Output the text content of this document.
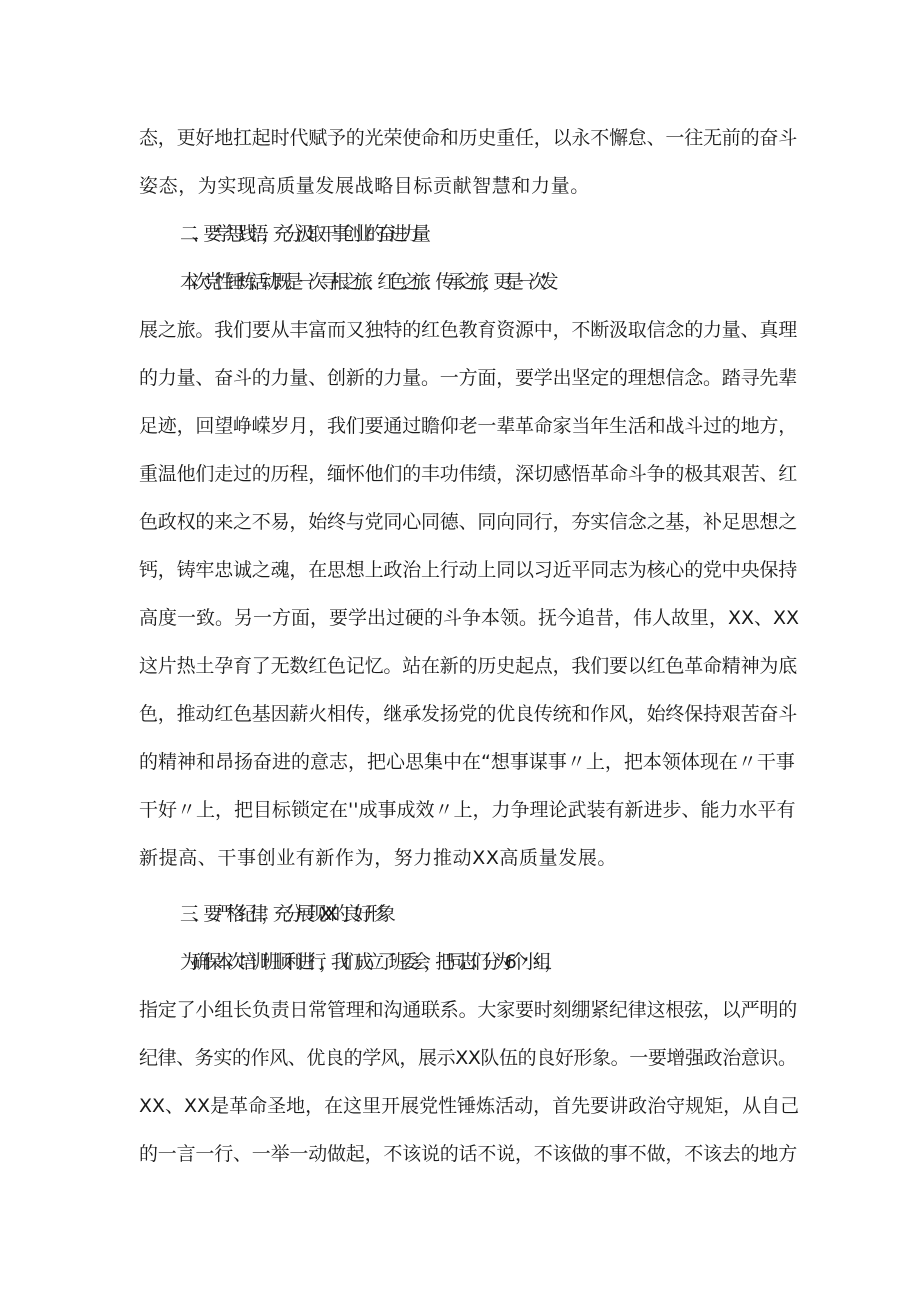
态，更好地扛起时代赋予的光荣使命和历史重任，以永不懈怠、一往无前的奋斗
姿态，为实现高质量发展战略目标贡献智慧和力量。
二、要学思践悟，充分汲取干事创业的奋进力量
本次党性锤炼活动既是一次寻根之旅、红色之旅、传承之旅，更是一次发
展之旅。我们要从丰富而又独特的红色教育资源中，不断汲取信念的力量、真理
的力量、奋斗的力量、创新的力量。一方面，要学出坚定的理想信念。踏寻先辈
足迹，回望峥嵘岁月，我们要通过瞻仰老一辈革命家当年生活和战斗过的地方，
重温他们走过的历程，缅怀他们的丰功伟绩，深切感悟革命斗争的极其艰苦、红
色政权的来之不易，始终与党同心同德、同向同行，夯实信念之基，补足思想之
钙，铸牢忠诚之魂，在思想上政治上行动上同以习近平同志为核心的党中央保持
高度一致。另一方面，要学出过硬的斗争本领。抚今追昔，伟人故里，XX、XX
这片热土孕育了无数红色记忆。站在新的历史起点，我们要以红色革命精神为底
色，推动红色基因薪火相传，继承发扬党的优良传统和作风，始终保持艰苦奋斗
的精神和昂扬奋进的意志，把心思集中在“想事谋事〃上，把本领体现在〃干事
干好〃上，把目标锁定在''成事成效〃上，力争理论武装有新进步、能力水平有
新提高、干事创业有新作为，努力推动XX高质量发展。
三、要严格纪律，充分展现XX的良好形象
为确保本次培训班顺利进行，我们成立了班委会，把同志们分为6个小组，
指定了小组长负责日常管理和沟通联系。大家要时刻绷紧纪律这根弦，以严明的
纪律、务实的作风、优良的学风，展示XX队伍的良好形象。一要增强政治意识。
XX、XX是革命圣地，在这里开展党性锤炼活动，首先要讲政治守规矩，从自己
的一言一行、一举一动做起，不该说的话不说，不该做的事不做，不该去的地方
